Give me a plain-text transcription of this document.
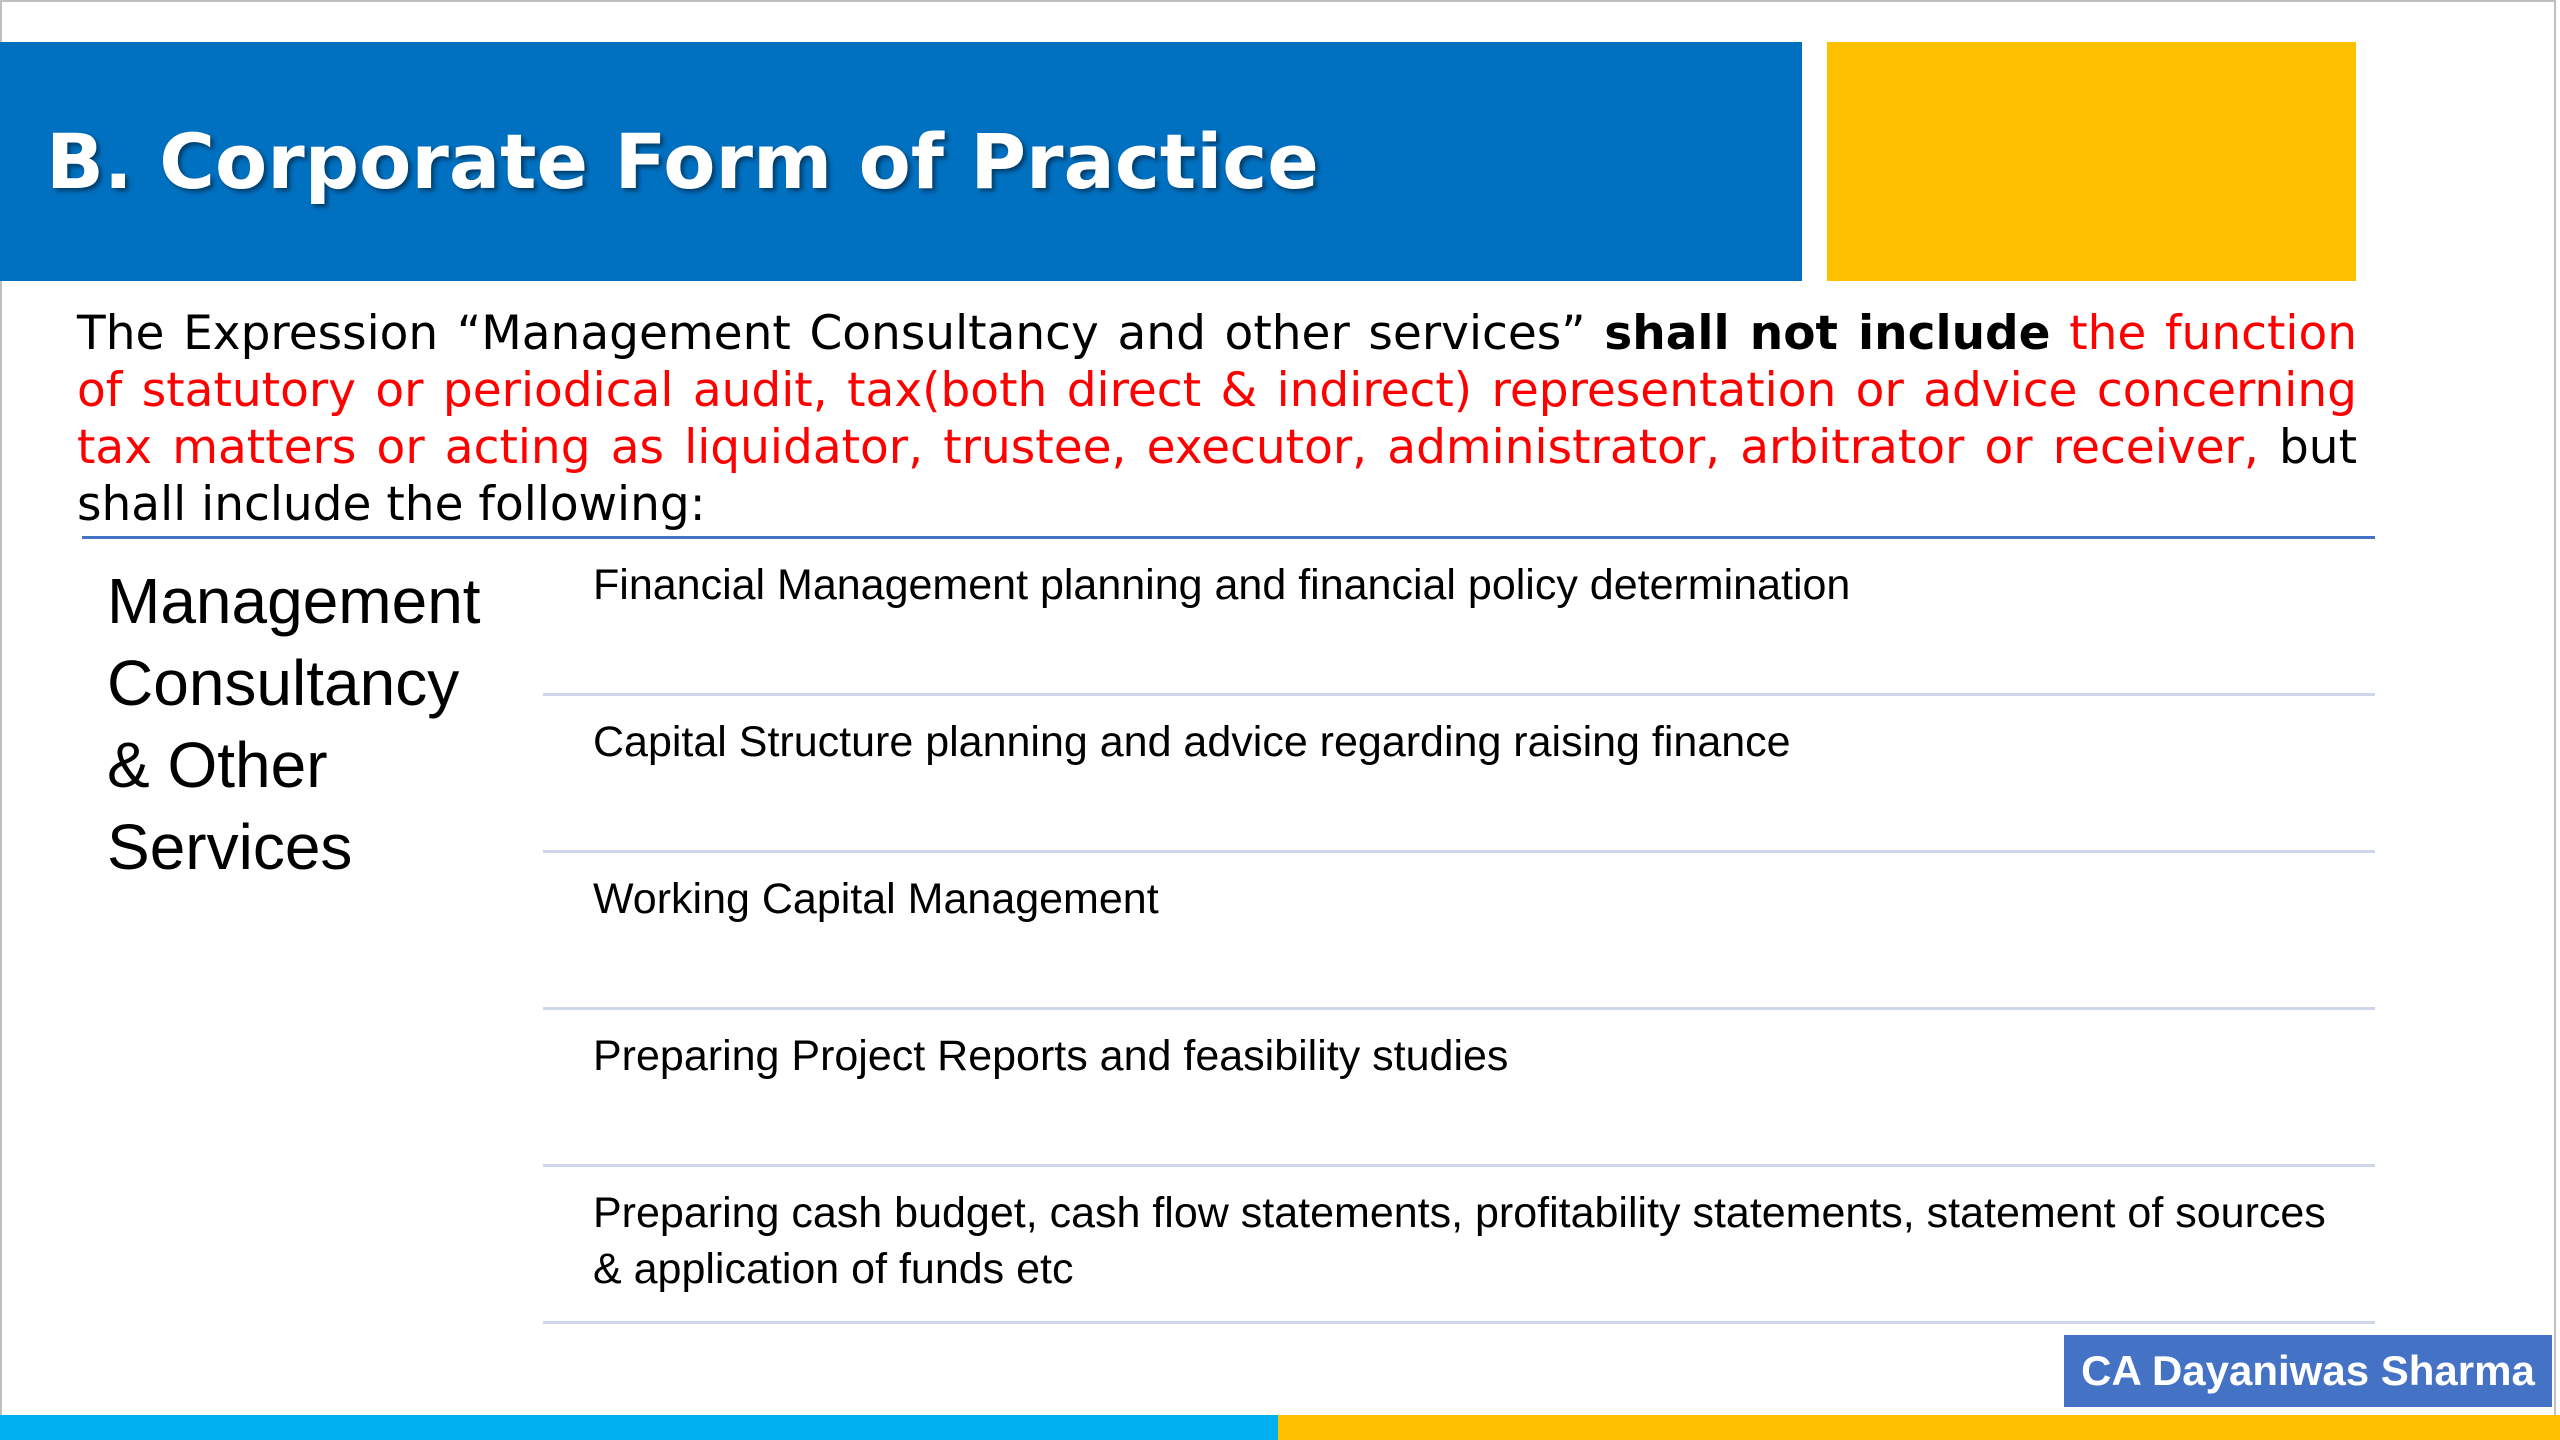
B. Corporate Form of Practice
The Expression “Management Consultancy and other services” shall not include the function of statutory or periodical audit, tax(both direct & indirect) representation or advice concerning tax matters or acting as liquidator, trustee, executor, administrator, arbitrator or receiver, but shall include the following:
Management
Consultancy
& Other
Services
Financial Management planning and financial policy determination
Capital Structure planning and advice regarding raising finance
Working Capital Management
Preparing Project Reports and feasibility studies
Preparing cash budget, cash flow statements, profitability statements, statement of sources & application of funds etc
CA Dayaniwas Sharma
